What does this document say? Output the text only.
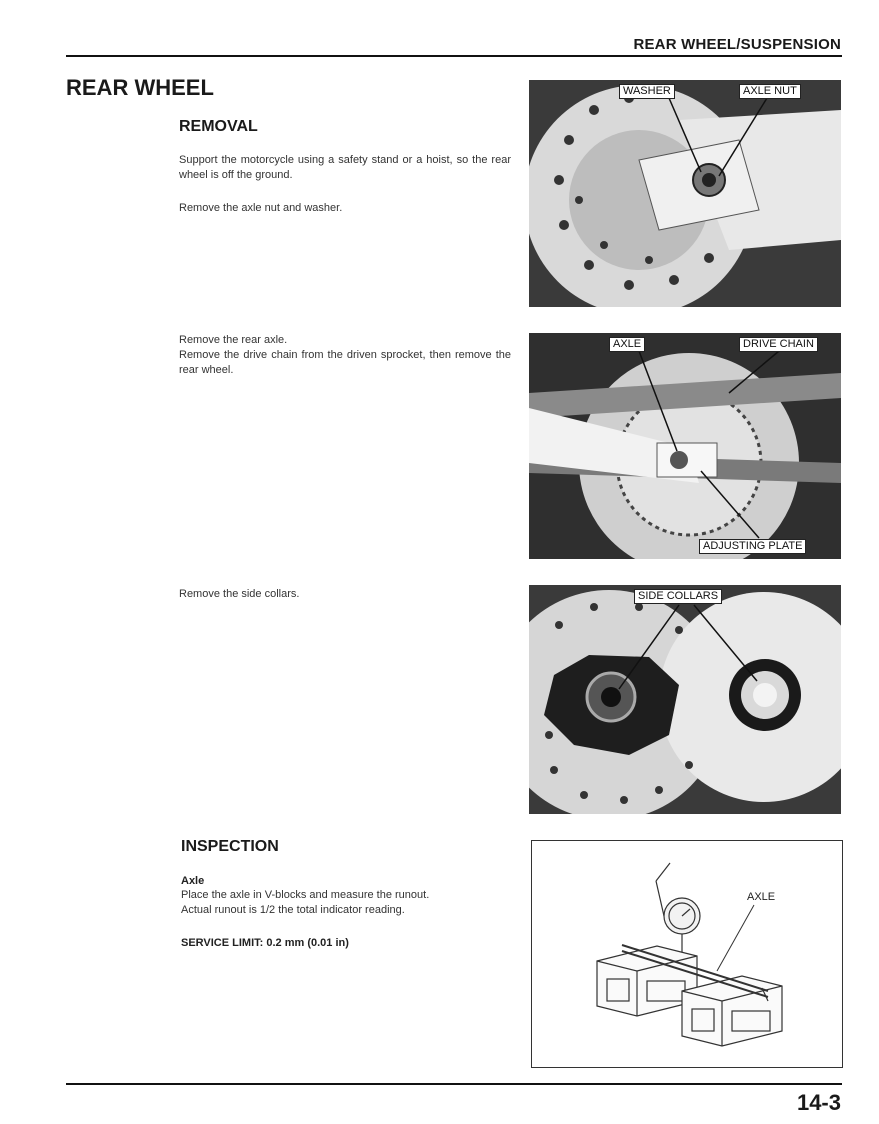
REAR WHEEL/SUSPENSION
REAR WHEEL
REMOVAL
Support the motorcycle using a safety stand or a hoist, so the rear wheel is off the ground.
Remove the axle nut and washer.
Remove the rear axle.
Remove the drive chain from the driven sprocket, then remove the rear wheel.
Remove the side collars.
WASHER	AXLE NUT
AXLE	DRIVE CHAIN
ADJUSTING PLATE
SIDE COLLARS
INSPECTION
Axle
Place the axle in V-blocks and measure the runout.
Actual runout is 1/2 the total indicator reading.
SERVICE LIMIT: 0.2 mm (0.01 in)
AXLE
14-3
